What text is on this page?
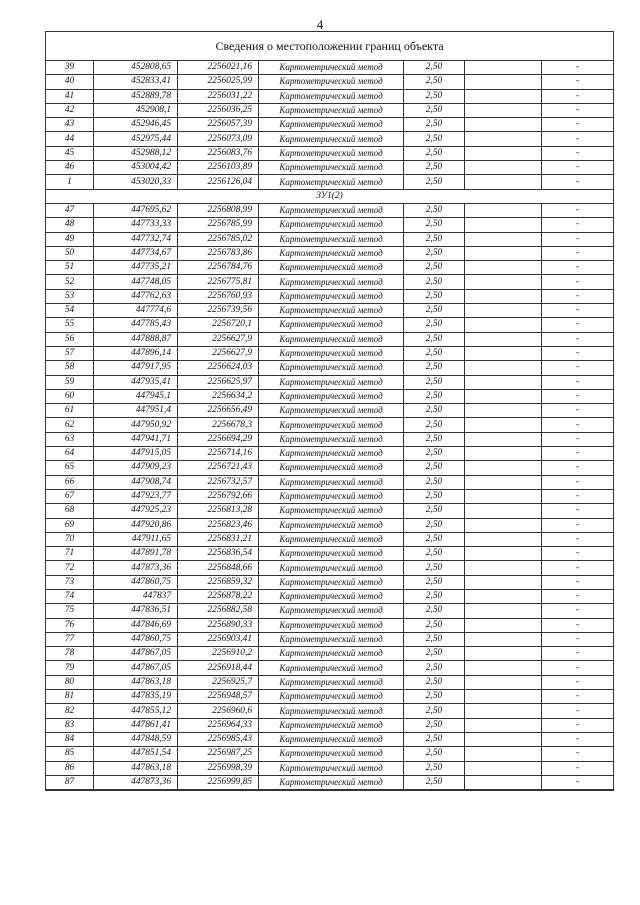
4
Сведения о местоположении границ объекта
39	452808,65	2256021,16	Картометрический метод	2,50		-
40	452833,41	2256025,99	Картометрический метод	2,50		-
41	452889,78	2256031,22	Картометрический метод	2,50		-
42	452908,1	2256036,25	Картометрический метод	2,50		-
43	452946,45	2256057,39	Картометрический метод	2,50		-
44	452975,44	2256073,09	Картометрический метод	2,50		-
45	452988,12	2256083,76	Картометрический метод	2,50		-
46	453004,42	2256103,89	Картометрический метод	2,50		-
1	453020,33	2256126,04	Картометрический метод	2,50		-
ЗУ1(2)						
47	447695,62	2256808,99	Картометрический метод	2,50		-
48	447733,33	2256785,99	Картометрический метод	2,50		-
49	447732,74	2256785,02	Картометрический метод	2,50		-
50	447734,67	2256783,86	Картометрический метод	2,50		-
51	447735,21	2256784,76	Картометрический метод	2,50		-
52	447748,05	2256775,81	Картометрический метод	2,50		-
53	447762,63	2256760,93	Картометрический метод	2,50		-
54	447774,6	2256739,56	Картометрический метод	2,50		-
55	447785,43	2256720,1	Картометрический метод	2,50		-
56	447888,87	2256627,9	Картометрический метод	2,50		-
57	447896,14	2256627,9	Картометрический метод	2,50		-
58	447917,95	2256624,03	Картометрический метод	2,50		-
59	447935,41	2256625,97	Картометрический метод	2,50		-
60	447945,1	2256634,2	Картометрический метод	2,50		-
61	447951,4	2256656,49	Картометрический метод	2,50		-
62	447950,92	2256678,3	Картометрический метод	2,50		-
63	447941,71	2256694,29	Картометрический метод	2,50		-
64	447915,05	2256714,16	Картометрический метод	2,50		-
65	447909,23	2256721,43	Картометрический метод	2,50		-
66	447908,74	2256732,57	Картометрический метод	2,50		-
67	447923,77	2256792,66	Картометрический метод	2,50		-
68	447925,23	2256813,28	Картометрический метод	2,50		-
69	447920,86	2256823,46	Картометрический метод	2,50		-
70	447911,65	2256831,21	Картометрический метод	2,50		-
71	447891,78	2256836,54	Картометрический метод	2,50		-
72	447873,36	2256848,66	Картометрический метод	2,50		-
73	447860,75	2256859,32	Картометрический метод	2,50		-
74	447837	2256878,22	Картометрический метод	2,50		-
75	447836,51	2256882,58	Картометрический метод	2,50		-
76	447846,69	2256890,33	Картометрический метод	2,50		-
77	447860,75	2256903,41	Картометрический метод	2,50		-
78	447867,05	2256910,2	Картометрический метод	2,50		-
79	447867,05	2256918,44	Картометрический метод	2,50		-
80	447863,18	2256925,7	Картометрический метод	2,50		-
81	447835,19	2256948,57	Картометрический метод	2,50		-
82	447855,12	2256960,6	Картометрический метод	2,50		-
83	447861,41	2256964,33	Картометрический метод	2,50		-
84	447848,59	2256985,43	Картометрический метод	2,50		-
85	447851,54	2256987,25	Картометрический метод	2,50		-
86	447863,18	2256998,39	Картометрический метод	2,50		-
87	447873,36	2256999,85	Картометрический метод	2,50		-
